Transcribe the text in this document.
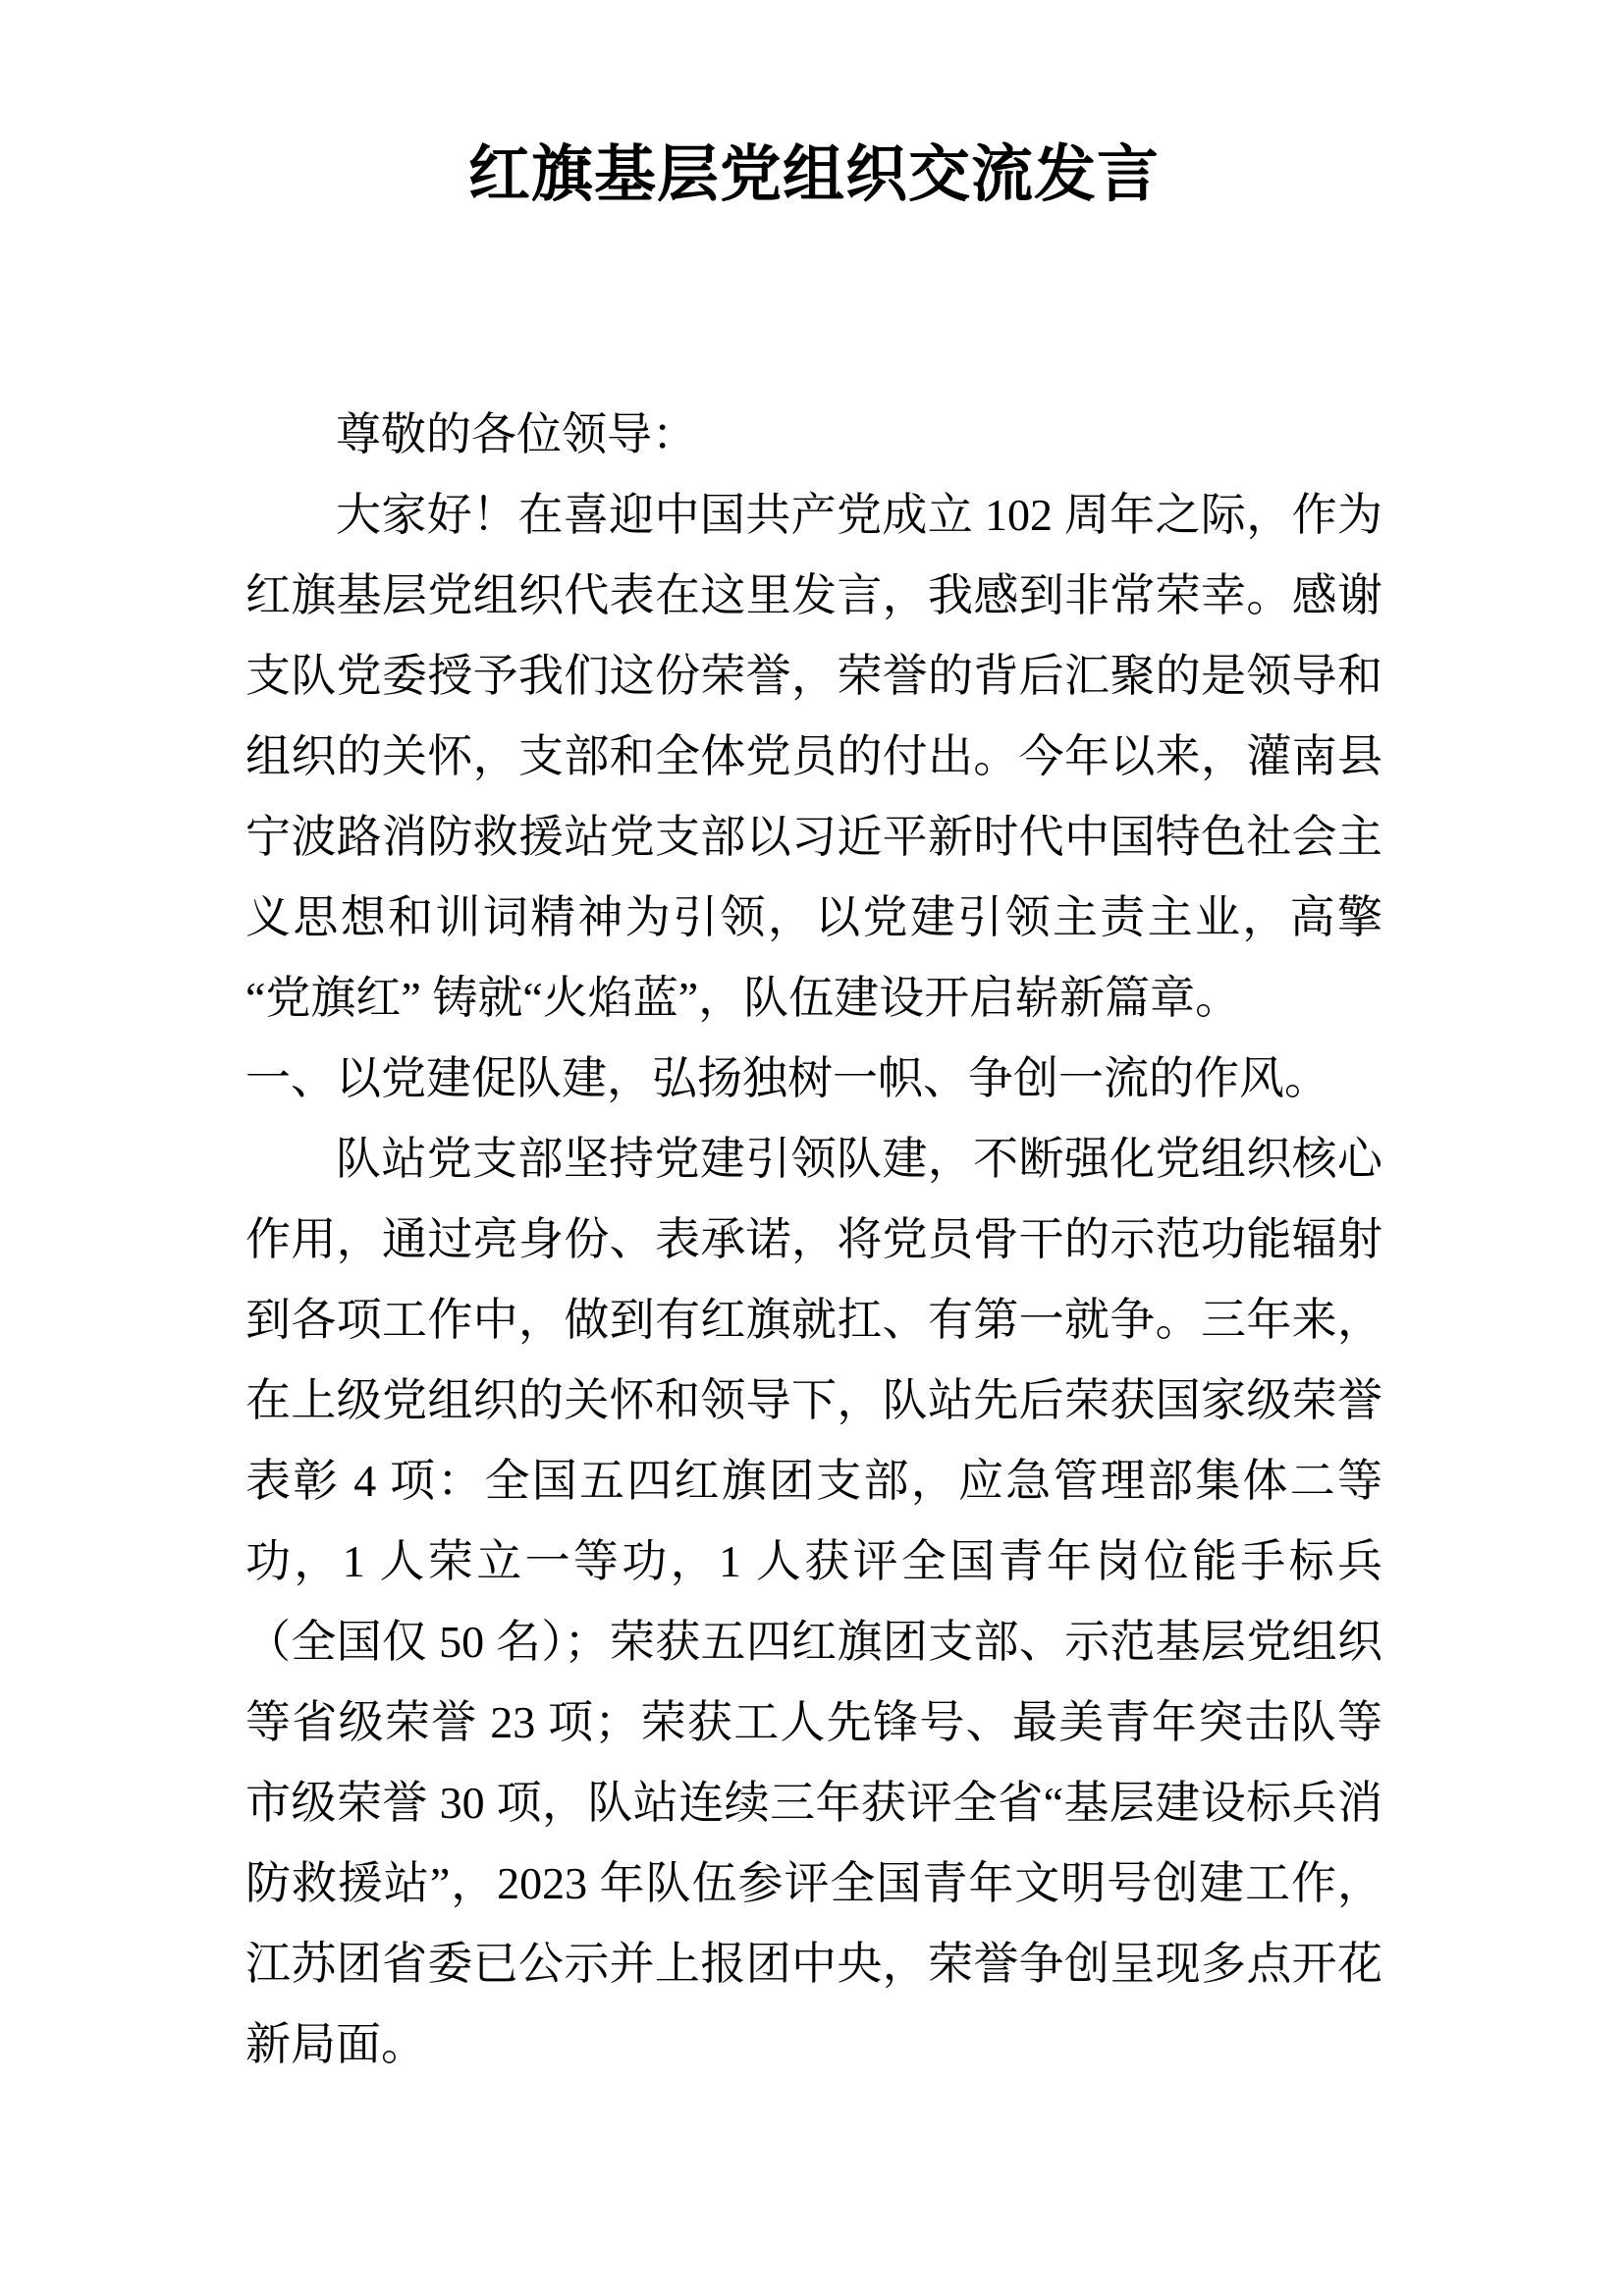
红旗基层党组织交流发言

尊敬的各位领导：

大家好！在喜迎中国共产党成立 102 周年之际，作为红旗基层党组织代表在这里发言，我感到非常荣幸。感谢支队党委授予我们这份荣誉，荣誉的背后汇聚的是领导和组织的关怀，支部和全体党员的付出。今年以来，灌南县宁波路消防救援站党支部以习近平新时代中国特色社会主义思想和训词精神为引领，以党建引领主责主业，高擎“党旗红” 铸就“火焰蓝”，队伍建设开启崭新篇章。

一、以党建促队建，弘扬独树一帜、争创一流的作风。

队站党支部坚持党建引领队建，不断强化党组织核心作用，通过亮身份、表承诺，将党员骨干的示范功能辐射到各项工作中，做到有红旗就扛、有第一就争。三年来，在上级党组织的关怀和领导下，队站先后荣获国家级荣誉表彰 4 项：全国五四红旗团支部，应急管理部集体二等功，1 人荣立一等功，1 人获评全国青年岗位能手标兵（全国仅 50 名）；荣获五四红旗团支部、示范基层党组织等省级荣誉 23 项；荣获工人先锋号、最美青年突击队等市级荣誉 30 项，队站连续三年获评全省“基层建设标兵消防救援站”，2023 年队伍参评全国青年文明号创建工作，江苏团省委已公示并上报团中央，荣誉争创呈现多点开花新局面。
